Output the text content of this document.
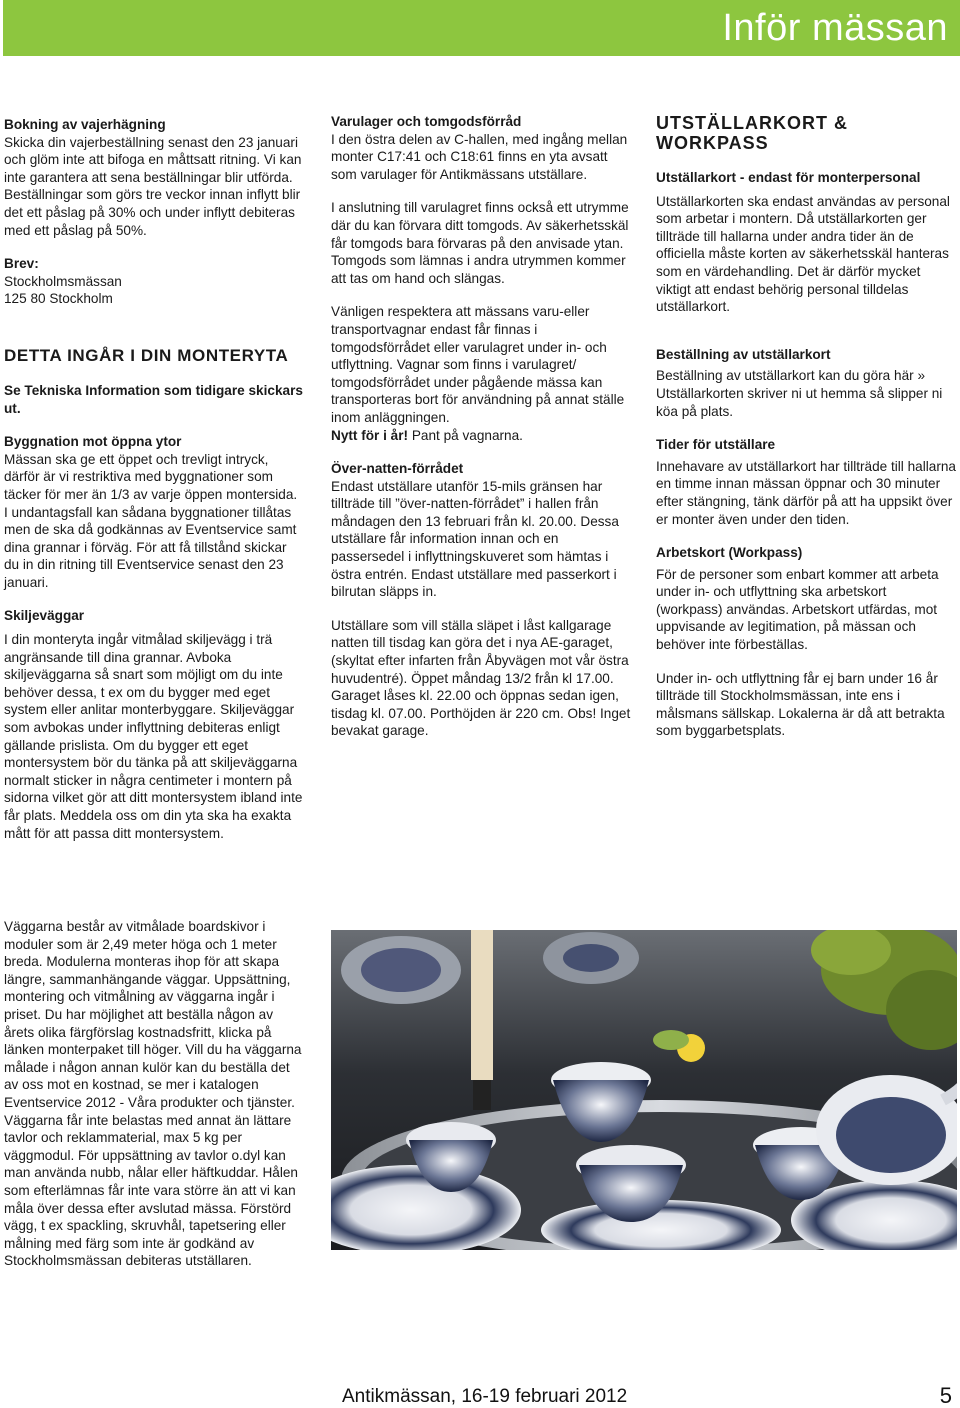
Inför mässan
Bokning av vajerhägning

Skicka din vajerbeställning senast den 23 januari och glöm inte att bifoga en måttsatt ritning. Vi kan inte garantera att sena beställningar blir utförda. Beställningar som görs tre veckor innan inflytt blir det ett påslag på 30% och under inflytt debiteras med ett påslag på 50%.

Brev:
Stockholmsmässan
125 80 Stockholm
DETTA INGÅR I DIN MONTERYTA

Se Tekniska Information som tidigare skickars ut.

Byggnation mot öppna ytor

Mässan ska ge ett öppet och trevligt intryck, därför är vi restriktiva med byggnationer som täcker för mer än 1/3 av varje öppen montersida. I undantagsfall kan sådana byggnationer tillåtas men de ska då godkännas av Eventservice samt dina grannar i förväg. För att få tillstånd skickar du in din ritning till Eventservice senast den 23 januari.

Skiljeväggar

I din monteryta ingår vitmålad skiljevägg i trä angränsande till dina grannar. Avboka skiljeväggarna så snart som möjligt om du inte behöver dessa, t ex om du bygger med eget system eller anlitar monterbyggare. Skiljeväggar som avbokas under inflyttning debiteras enligt gällande prislista. Om du bygger ett eget montersystem bör du tänka på att skiljeväggarna normalt sticker in några centimeter i montern på sidorna vilket gör att ditt montersystem ibland inte får plats. Meddela oss om din yta ska ha exakta mått för att passa ditt montersystem.

Väggarna består av vitmålade boardskivor i moduler som är 2,49 meter höga och 1 meter breda. Modulerna monteras ihop för att skapa längre, sammanhängande väggar. Uppsättning, montering och vitmålning av väggarna ingår i priset. Du har möjlighet att beställa någon av årets olika färgförslag kostnadsfritt, klicka på länken monterpaket till höger. Vill du ha väggarna målade i någon annan kulör kan du beställa det av oss mot en kostnad, se mer i katalogen Eventservice 2012 - Våra produkter och tjänster. Väggarna får inte belastas med annat än lättare tavlor och reklammaterial, max 5 kg per väggmodul. För uppsättning av tavlor o.dyl kan man använda nubb, nålar eller häftkuddar. Hålen som efterlämnas får inte vara större än att vi kan måla över dessa efter avslutad mässa. Förstörd vägg, t ex spackling, skruvhål, tapetsering eller målning med färg som inte är godkänd av Stockholmsmässan debiteras utställaren.

Varulager och tomgodsförråd

I den östra delen av C-hallen, med ingång mellan monter C17:41 och C18:61 finns en yta avsatt som varulager för Antikmässans utställare.

I anslutning till varulagret finns också ett utrymme där du kan förvara ditt tomgods. Av säkerhetsskäl får tomgods bara förvaras på den anvisade ytan. Tomgods som lämnas i andra utrymmen kommer att tas om hand och slängas.

Vänligen respektera att mässans varu-eller transportvagnar endast får finnas i tomgodsförrådet eller varulagret under in- och utflyttning. Vagnar som finns i varulagret/ tomgodsförrådet under pågående mässa kan transporteras bort för användning på annat ställe inom anläggningen.
Nytt för i år! Pant på vagnarna.
Över-natten-förrådet

Endast utställare utanför 15-mils gränsen har tillträde till ”över-natten-förrådet” i hallen från måndagen den 13 februari från kl. 20.00. Dessa utställare får information innan och en passersedel i inflyttningskuveret som hämtas i östra entrén. Endast utställare med passerkort i bilrutan släpps in.

Utställare som vill ställa släpet i låst kallgarage natten till tisdag kan göra det i nya AE-garaget, (skyltat efter infarten från Åbyvägen mot vår östra huvudentré). Öppet måndag 13/2 från kl 17.00. Garaget låses kl. 22.00 och öppnas sedan igen, tisdag kl. 07.00. Porthöjden är 220 cm. Obs! Inget bevakat garage.

UTSTÄLLARKORT & WORKPASS
Utställarkort - endast för monterpersonal

Utställarkorten ska endast användas av personal som arbetar i montern. Då utställarkorten ger tillträde till hallarna under andra tider än de officiella måste korten av säkerhetsskäl hanteras som en värdehandling. Det är därför mycket viktigt att endast behörig personal tilldelas utställarkort.

Beställning av utställarkort

Beställning av utställarkort kan du göra här » Utställarkorten skriver ni ut hemma så slipper ni köa på plats.

Tider för utställare

Innehavare av utställarkort har tillträde till hallarna en timme innan mässan öppnar och 30 minuter efter stängning, tänk därför på att ha uppsikt över er monter även under den tiden.

Arbetskort (Workpass)

För de personer som enbart kommer att arbeta under in- och utflyttning ska arbetskort (workpass) användas. Arbetskort utfärdas, mot uppvisande av legitimation, på mässan och behöver inte förbeställas.

Under in- och utflyttning får ej barn under 16 år tillträde till Stockholmsmässan, inte ens i målsmans sällskap. Lokalerna är då att betrakta som byggarbetsplats.

Antikmässan, 16-19 februari 2012	5
